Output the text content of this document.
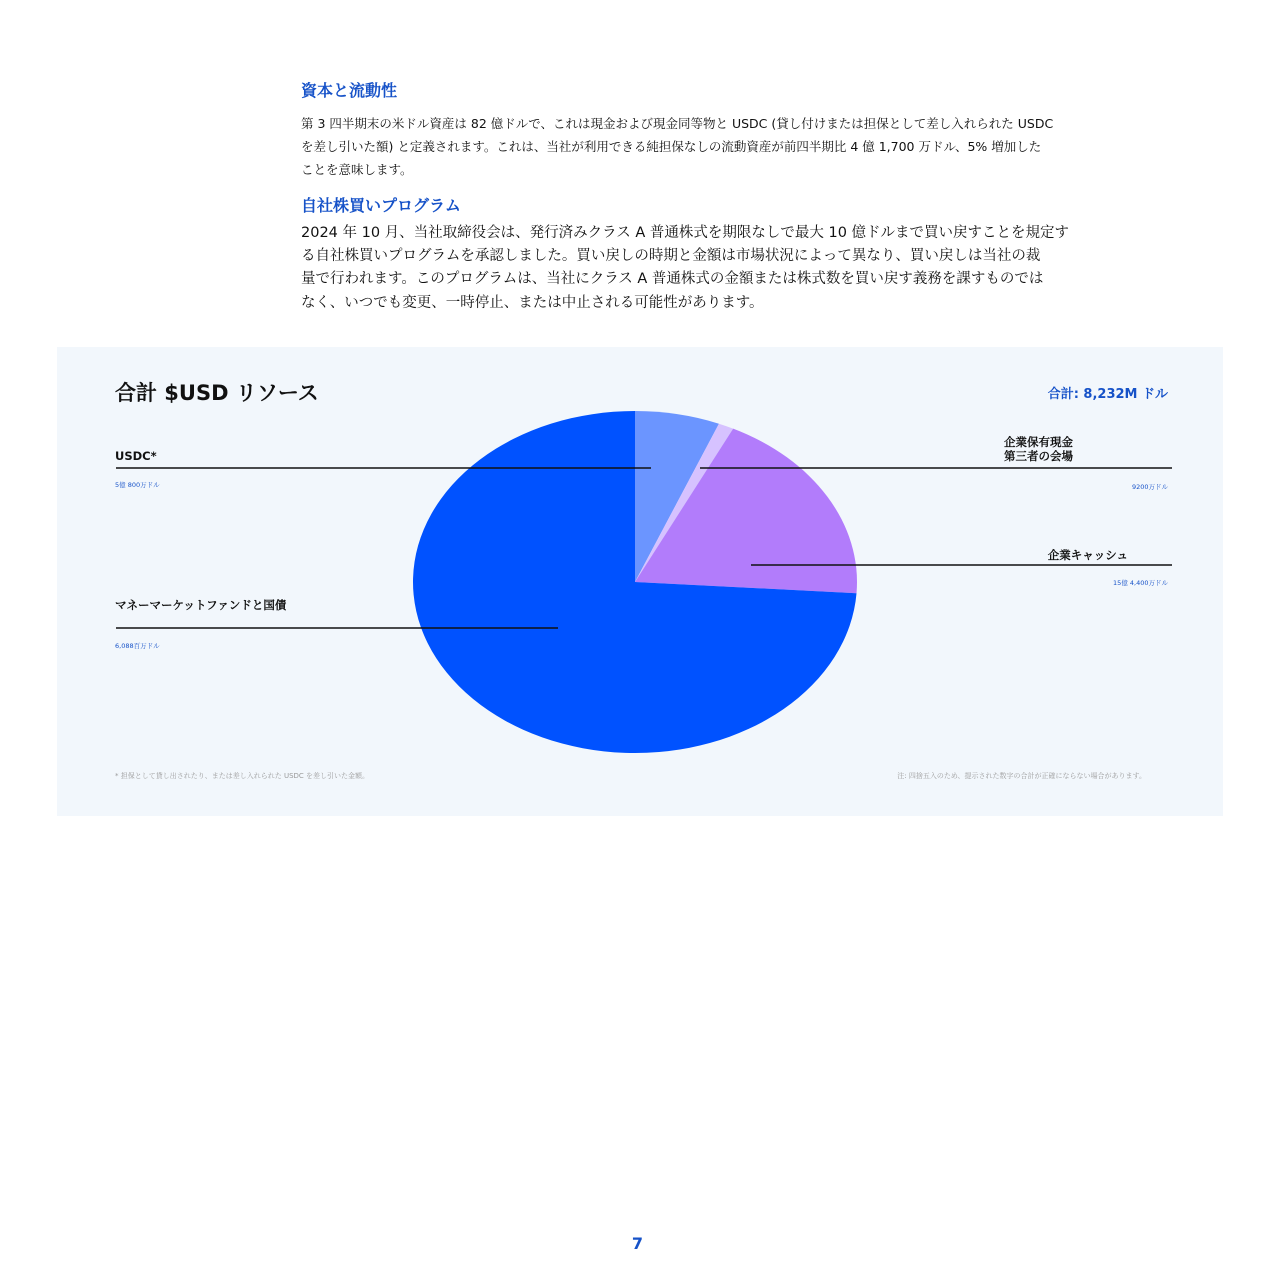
資本と流動性

第 3 四半期末の米ドル資産は 82 億ドルで、これは現金および現金同等物と USDC (貸し付けまたは担保として差し入れられた USDC
を差し引いた額) と定義されます。これは、当社が利用できる純担保なしの流動資産が前四半期比 4 億 1,700 万ドル、5% 増加した
ことを意味します。

自社株買いプログラム

2024 年 10 月、当社取締役会は、発行済みクラス A 普通株式を期限なしで最大 10 億ドルまで買い戻すことを規定す
る自社株買いプログラムを承認しました。買い戻しの時期と金額は市場状況によって異なり、買い戻しは当社の裁
量で行われます。このプログラムは、当社にクラス A 普通株式の金額または株式数を買い戻す義務を課すものでは
なく、いつでも変更、一時停止、または中止される可能性があります。

合計 $USD リソース	合計: 8,232M ドル
USDC*
5億 800万ドル
企業保有現金
第三者の会場
9200万ドル
企業キャッシュ
15億 4,400万ドル
マネーマーケットファンドと国債
6,088百万ドル
* 担保として貸し出されたり、または差し入れられた USDC を差し引いた金額。	注: 四捨五入のため、提示された数字の合計が正確にならない場合があります。
7
